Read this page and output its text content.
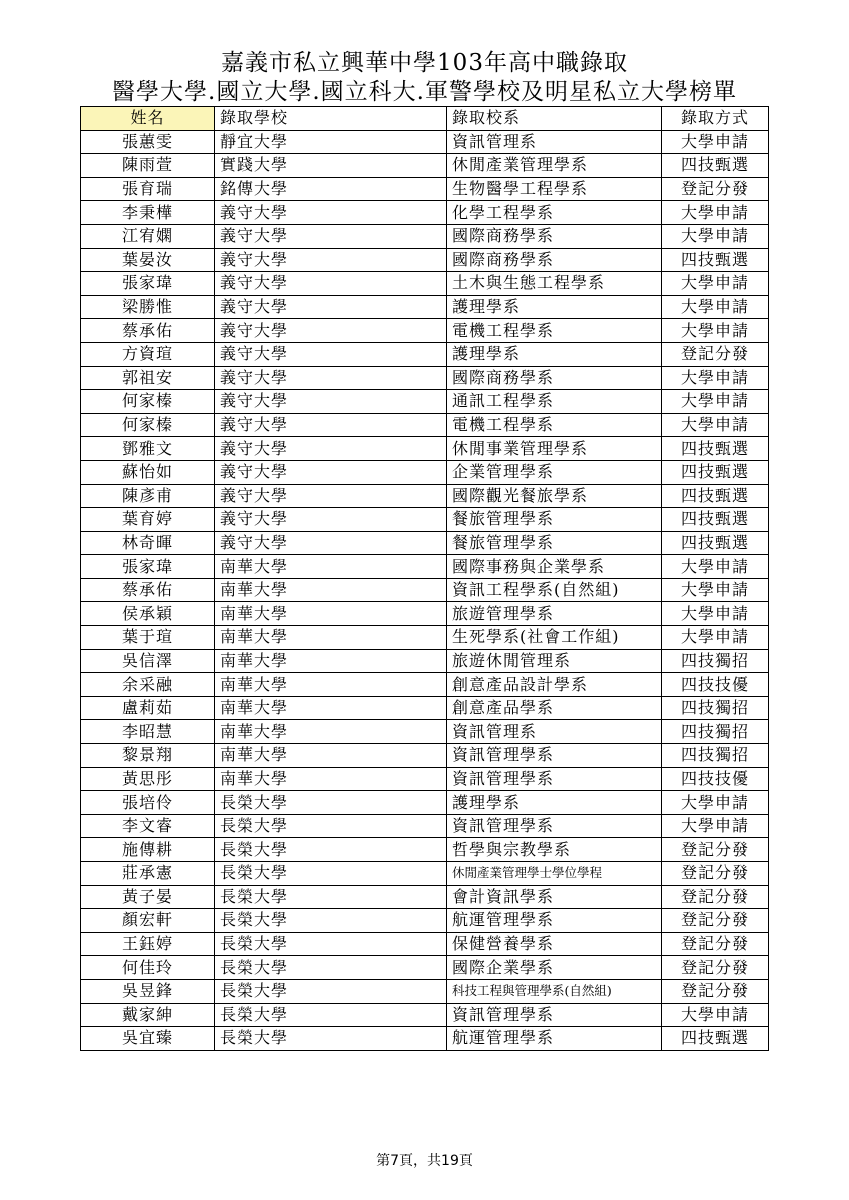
嘉義市私立興華中學103年高中職錄取
醫學大學.國立大學.國立科大.軍警學校及明星私立大學榜單
姓名	錄取學校	錄取校系	錄取方式
張蕙雯	靜宜大學	資訊管理系	大學申請
陳雨萱	實踐大學	休閒產業管理學系	四技甄選
張育瑞	銘傳大學	生物醫學工程學系	登記分發
李秉樺	義守大學	化學工程學系	大學申請
江宥嫻	義守大學	國際商務學系	大學申請
葉晏汝	義守大學	國際商務學系	四技甄選
張家瑋	義守大學	土木與生態工程學系	大學申請
梁勝惟	義守大學	護理學系	大學申請
蔡承佑	義守大學	電機工程學系	大學申請
方資瑄	義守大學	護理學系	登記分發
郭祖安	義守大學	國際商務學系	大學申請
何家榛	義守大學	通訊工程學系	大學申請
何家榛	義守大學	電機工程學系	大學申請
鄧雅文	義守大學	休閒事業管理學系	四技甄選
蘇怡如	義守大學	企業管理學系	四技甄選
陳彥甫	義守大學	國際觀光餐旅學系	四技甄選
葉育婷	義守大學	餐旅管理學系	四技甄選
林奇暉	義守大學	餐旅管理學系	四技甄選
張家瑋	南華大學	國際事務與企業學系	大學申請
蔡承佑	南華大學	資訊工程學系(自然組)	大學申請
侯承穎	南華大學	旅遊管理學系	大學申請
葉于瑄	南華大學	生死學系(社會工作組)	大學申請
吳信澤	南華大學	旅遊休閒管理系	四技獨招
余采融	南華大學	創意產品設計學系	四技技優
盧莉茹	南華大學	創意產品學系	四技獨招
李昭慧	南華大學	資訊管理系	四技獨招
黎景翔	南華大學	資訊管理學系	四技獨招
黃思彤	南華大學	資訊管理學系	四技技優
張培伶	長榮大學	護理學系	大學申請
李文睿	長榮大學	資訊管理學系	大學申請
施傳耕	長榮大學	哲學與宗教學系	登記分發
莊承憲	長榮大學	休閒產業管理學士學位學程	登記分發
黃子晏	長榮大學	會計資訊學系	登記分發
顏宏軒	長榮大學	航運管理學系	登記分發
王鈺婷	長榮大學	保健營養學系	登記分發
何佳玲	長榮大學	國際企業學系	登記分發
吳昱鋒	長榮大學	科技工程與管理學系(自然組)	登記分發
戴家紳	長榮大學	資訊管理學系	大學申請
吳宜臻	長榮大學	航運管理學系	四技甄選
第7頁，共19頁
